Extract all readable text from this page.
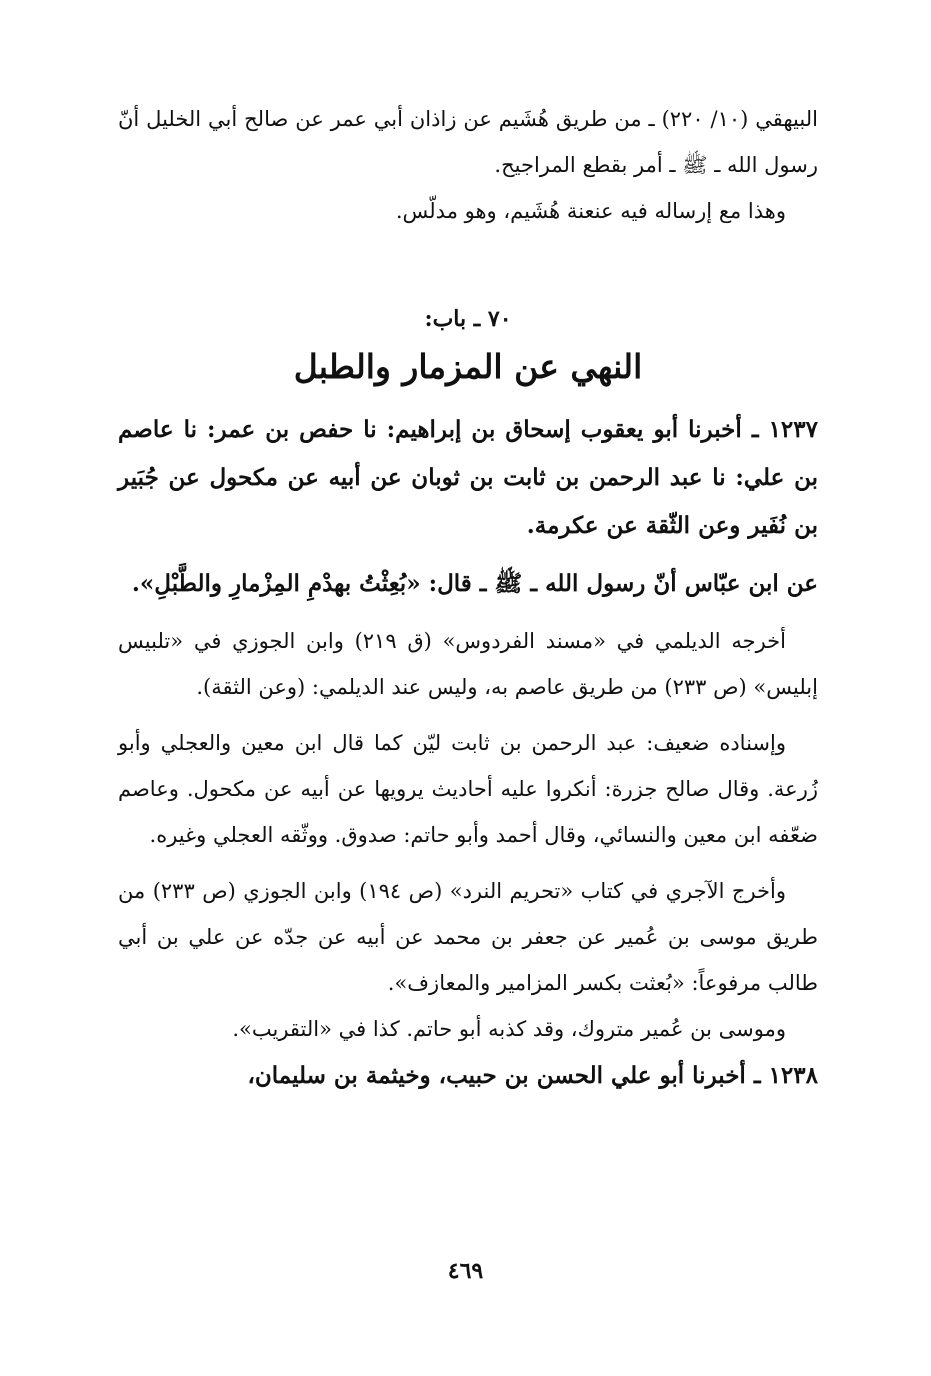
البيهقي (١٠/ ٢٢٠) ـ من طريق هُشَيم عن زاذان أبي عمر عن صالح أبي الخليل أنّ رسول الله ـ ﷺ ـ أمر بقطع المراجيح.

وهذا مع إرساله فيه عنعنة هُشَيم، وهو مدلّس.

٧٠ ـ باب:
النهي عن المزمار والطبل

١٢٣٧ ـ أخبرنا أبو يعقوب إسحاق بن إبراهيم: نا حفص بن عمر: نا عاصم بن علي: نا عبد الرحمن بن ثابت بن ثوبان عن أبيه عن مكحول عن جُبَير بن نُفَير وعن الثّقة عن عكرمة.

عن ابن عبّاس أنّ رسول الله ـ ﷺ ـ قال: «بُعِثْتُ بهدْمِ المِزْمارِ والطَّبْلِ».

أخرجه الديلمي في «مسند الفردوس» (ق ٢١٩) وابن الجوزي في «تلبيس إبليس» (ص ٢٣٣) من طريق عاصم به، وليس عند الديلمي: (وعن الثقة).

وإسناده ضعيف: عبد الرحمن بن ثابت ليّن كما قال ابن معين والعجلي وأبو زُرعة. وقال صالح جزرة: أنكروا عليه أحاديث يرويها عن أبيه عن مكحول. وعاصم ضعّفه ابن معين والنسائي، وقال أحمد وأبو حاتم: صدوق. ووثّقه العجلي وغيره.

وأخرج الآجري في كتاب «تحريم النرد» (ص ١٩٤) وابن الجوزي (ص ٢٣٣) من طريق موسى بن عُمير عن جعفر بن محمد عن أبيه عن جدّه عن علي بن أبي طالب مرفوعاً: «بُعثت بكسر المزامير والمعازف».

وموسى بن عُمير متروك، وقد كذبه أبو حاتم. كذا في «التقريب».

١٢٣٨ ـ أخبرنا أبو علي الحسن بن حبيب، وخيثمة بن سليمان،

٤٦٩
